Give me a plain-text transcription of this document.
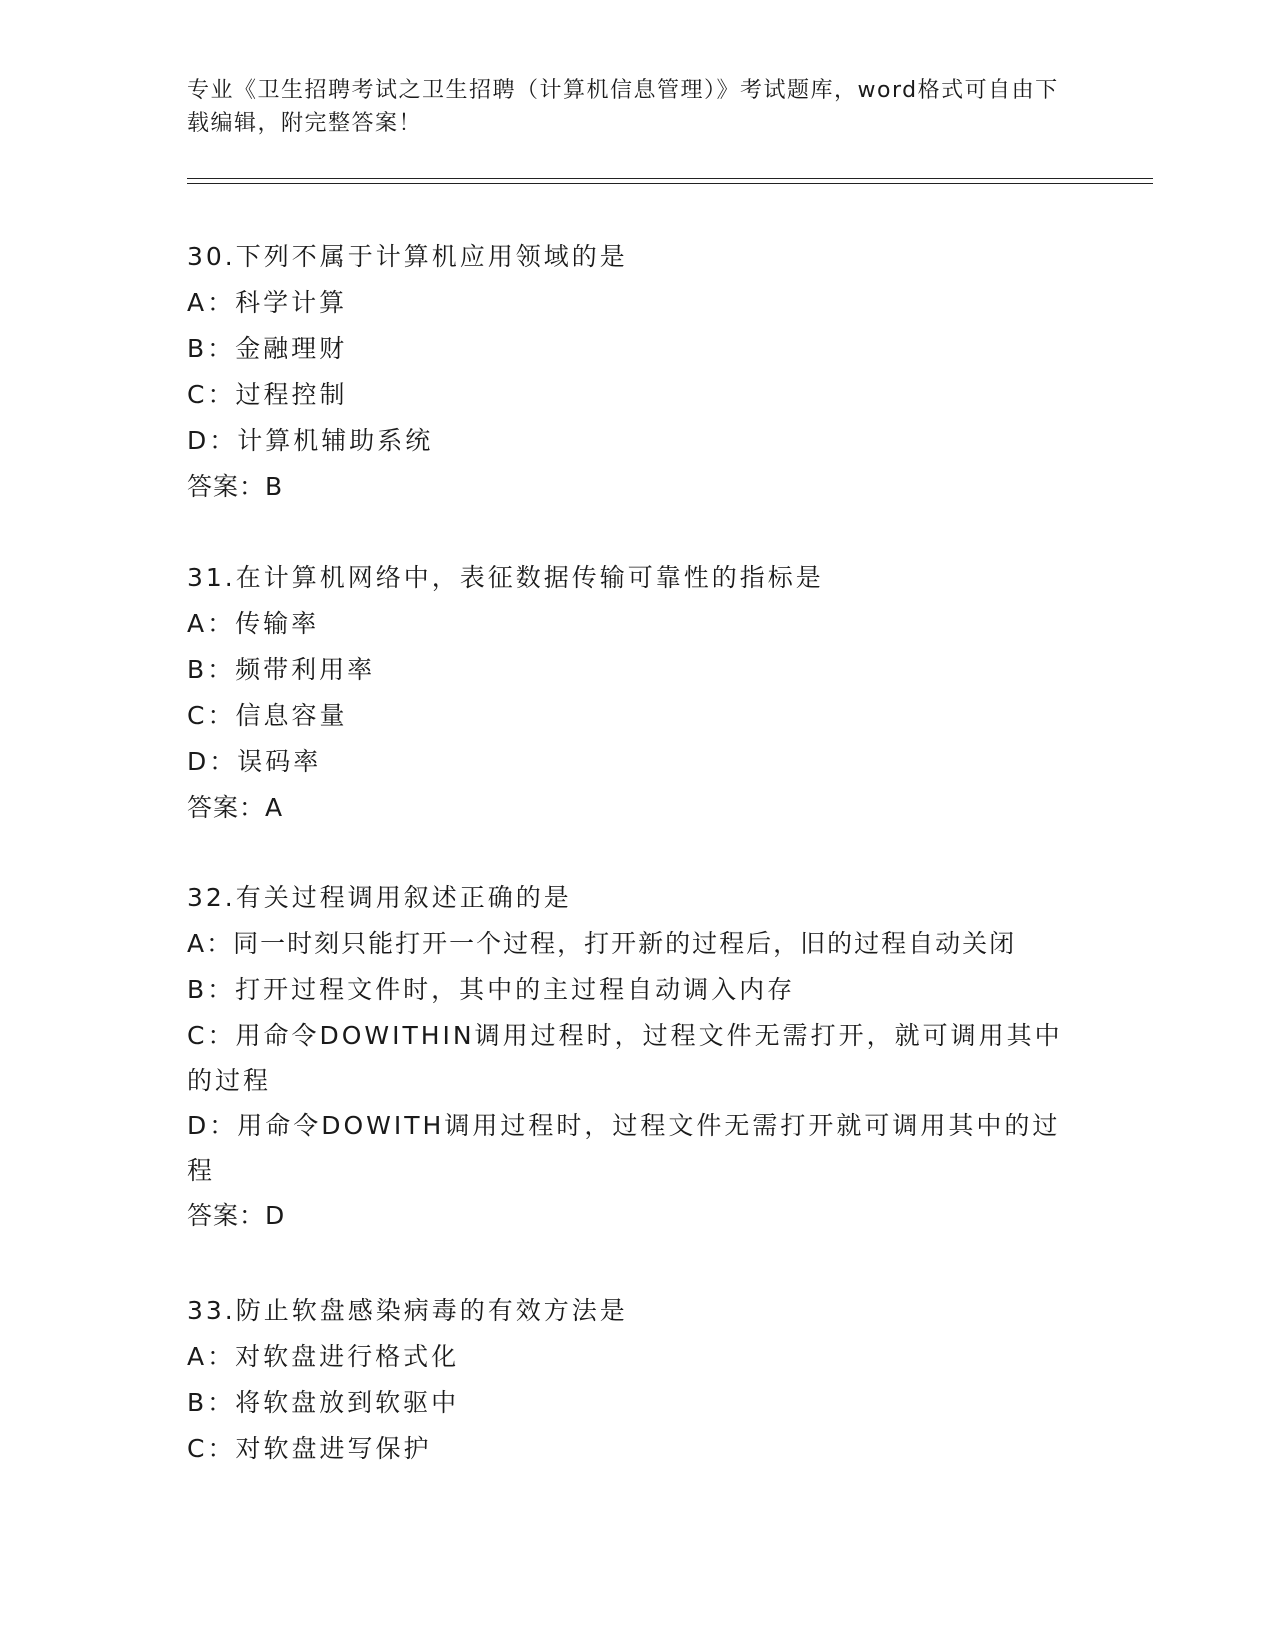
专业《卫生招聘考试之卫生招聘（计算机信息管理）》考试题库，word格式可自由下载编辑，附完整答案！
30.下列不属于计算机应用领域的是
A：科学计算
B：金融理财
C：过程控制
D：计算机辅助系统
答案：B
31.在计算机网络中，表征数据传输可靠性的指标是
A：传输率
B：频带利用率
C：信息容量
D：误码率
答案：A
32.有关过程调用叙述正确的是
A：同一时刻只能打开一个过程，打开新的过程后，旧的过程自动关闭
B：打开过程文件时，其中的主过程自动调入内存
C：用命令DOWITHIN调用过程时，过程文件无需打开，就可调用其中的过程
D：用命令DOWITH调用过程时，过程文件无需打开就可调用其中的过程
答案：D
33.防止软盘感染病毒的有效方法是
A：对软盘进行格式化
B：将软盘放到软驱中
C：对软盘进写保护
